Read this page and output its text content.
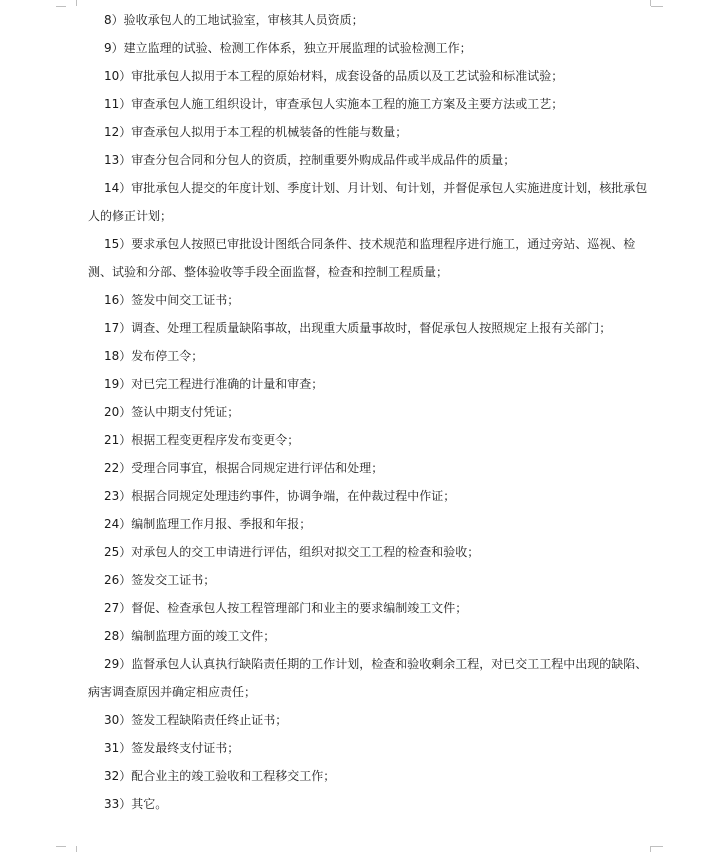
8）验收承包人的工地试验室，审核其人员资质；

9）建立监理的试验、检测工作体系，独立开展监理的试验检测工作；

10）审批承包人拟用于本工程的原始材料，成套设备的品质以及工艺试验和标准试验；

11）审查承包人施工组织设计，审查承包人实施本工程的施工方案及主要方法或工艺；

12）审查承包人拟用于本工程的机械装备的性能与数量；

13）审查分包合同和分包人的资质，控制重要外购成品件或半成品件的质量；

14）审批承包人提交的年度计划、季度计划、月计划、旬计划，并督促承包人实施进度计划，核批承包人的修正计划；

15）要求承包人按照已审批设计图纸合同条件、技术规范和监理程序进行施工，通过旁站、巡视、检测、试验和分部、整体验收等手段全面监督，检查和控制工程质量；

16）签发中间交工证书；

17）调查、处理工程质量缺陷事故，出现重大质量事故时，督促承包人按照规定上报有关部门；

18）发布停工令；

19）对已完工程进行准确的计量和审查；

20）签认中期支付凭证；

21）根据工程变更程序发布变更令；

22）受理合同事宜，根据合同规定进行评估和处理；

23）根据合同规定处理违约事件，协调争端，在仲裁过程中作证；

24）编制监理工作月报、季报和年报；

25）对承包人的交工申请进行评估，组织对拟交工工程的检查和验收；

26）签发交工证书；

27）督促、检查承包人按工程管理部门和业主的要求编制竣工文件；

28）编制监理方面的竣工文件；

29）监督承包人认真执行缺陷责任期的工作计划，检查和验收剩余工程，对已交工工程中出现的缺陷、病害调查原因并确定相应责任；

30）签发工程缺陷责任终止证书；

31）签发最终支付证书；

32）配合业主的竣工验收和工程移交工作；

33）其它。
